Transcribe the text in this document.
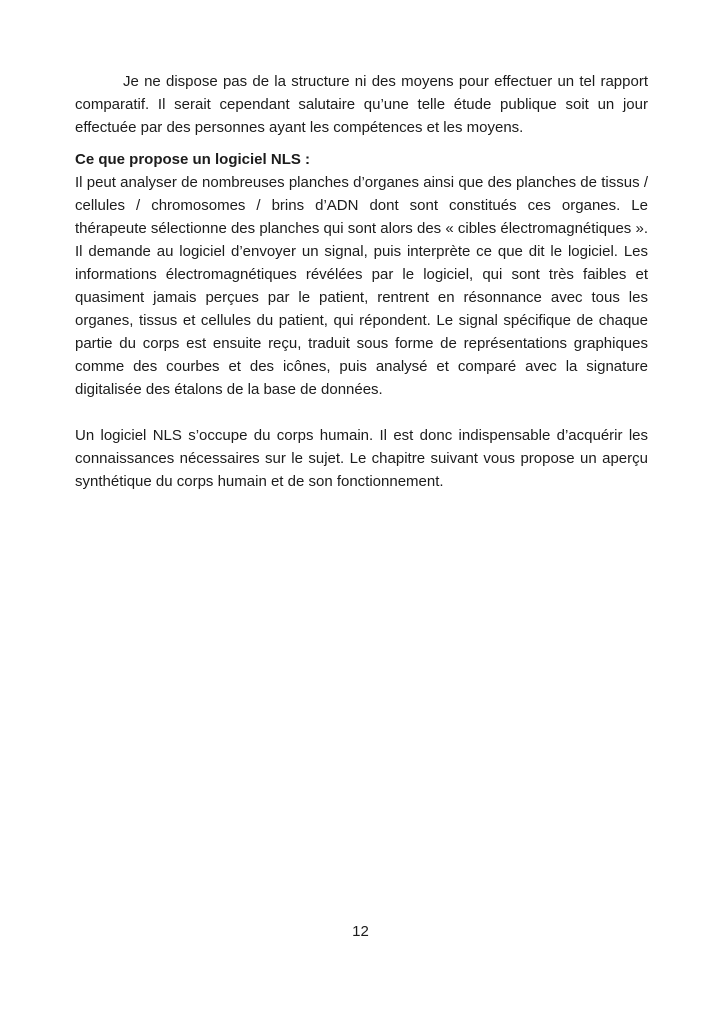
Je ne dispose pas de la structure ni des moyens pour effectuer un tel rapport comparatif. Il serait cependant salutaire qu’une telle étude publique soit un jour effectuée par des personnes ayant les compétences et les moyens.

Ce que propose un logiciel NLS :

Il peut analyser de nombreuses planches d’organes ainsi que des planches de tissus / cellules / chromosomes / brins d’ADN dont sont constitués ces organes. Le thérapeute sélectionne des planches qui sont alors des « cibles électromagnétiques ». Il demande au logiciel d’envoyer un signal, puis interprète ce que dit le logiciel. Les informations électromagnétiques révélées par le logiciel, qui sont très faibles et quasiment jamais perçues par le patient, rentrent en résonnance avec tous les organes, tissus et cellules du patient, qui répondent. Le signal spécifique de chaque partie du corps est ensuite reçu, traduit sous forme de représentations graphiques comme des courbes et des icônes, puis analysé et comparé avec la signature digitalisée des étalons de la base de données.

Un logiciel NLS s’occupe du corps humain. Il est donc indispensable d’acquérir les connaissances nécessaires sur le sujet. Le chapitre suivant vous propose un aperçu synthétique du corps humain et de son fonctionnement.

12
